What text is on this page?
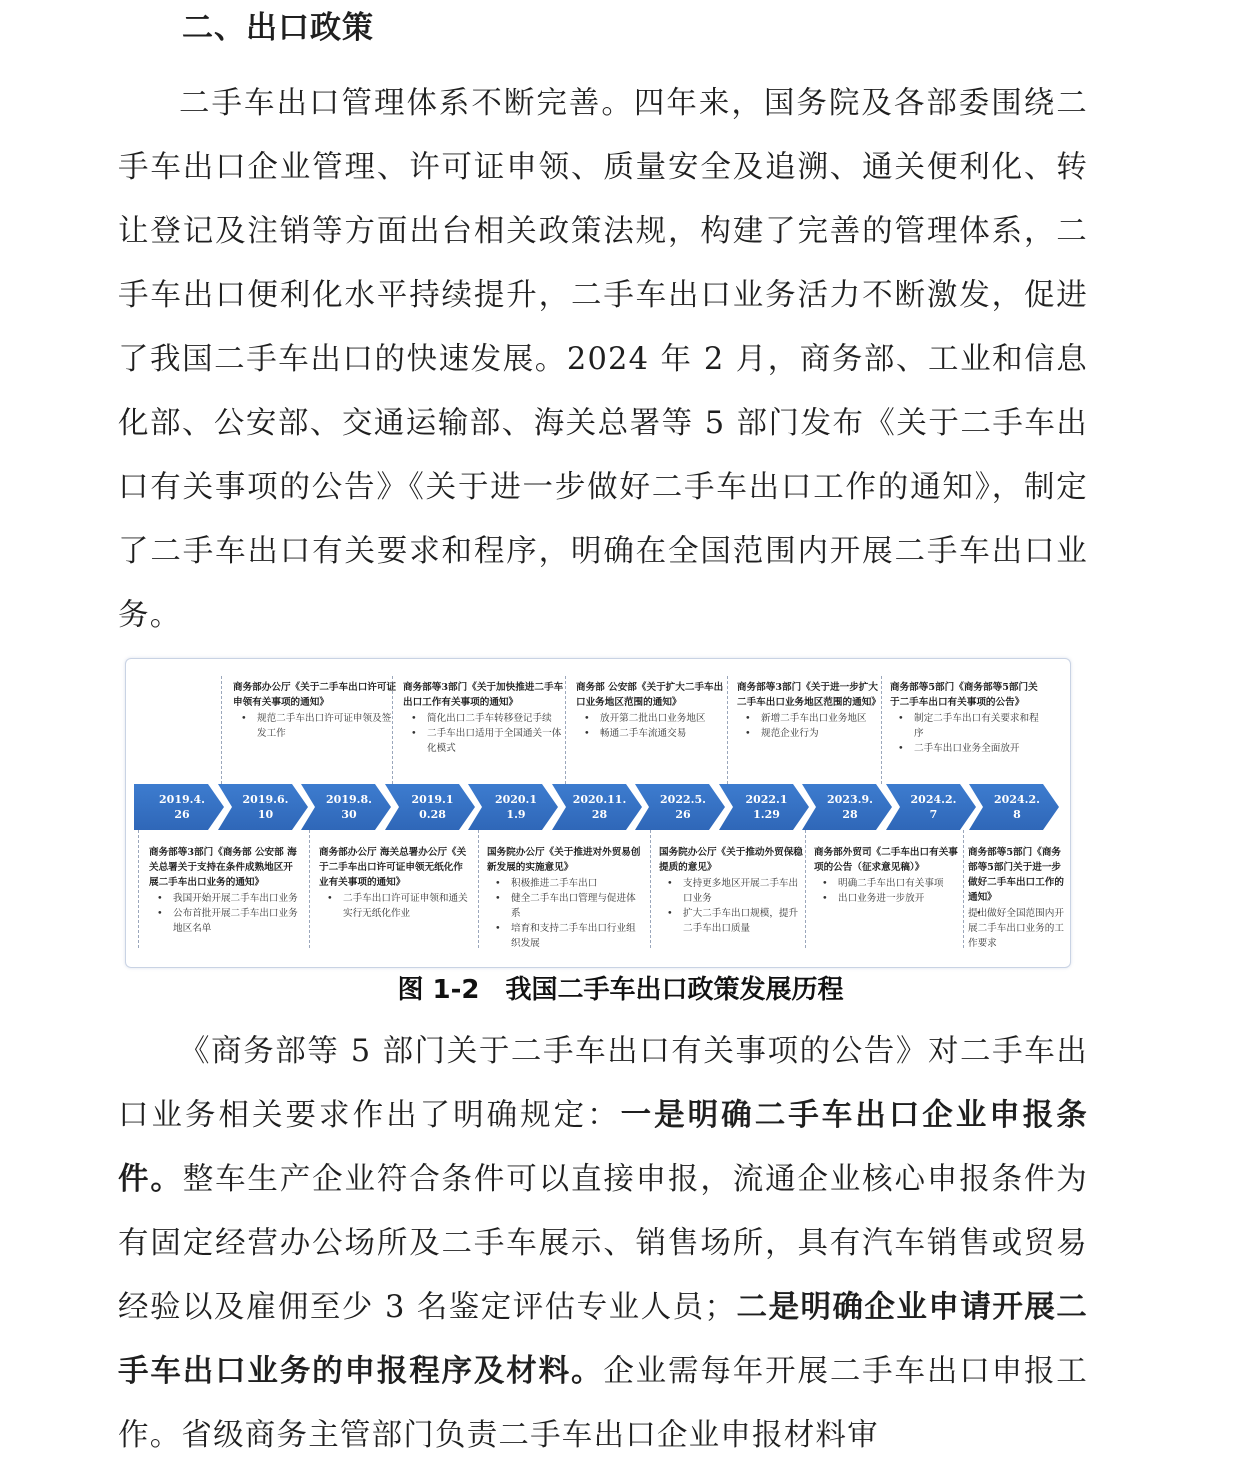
二、出口政策

二手车出口管理体系不断完善。四年来，国务院及各部委围绕二手车出口企业管理、许可证申领、质量安全及追溯、通关便利化、转让登记及注销等方面出台相关政策法规，构建了完善的管理体系，二手车出口便利化水平持续提升，二手车出口业务活力不断激发，促进了我国二手车出口的快速发展。2024 年 2 月，商务部、工业和信息化部、公安部、交通运输部、海关总署等 5 部门发布《关于二手车出口有关事项的公告》《关于进一步做好二手车出口工作的通知》，制定了二手车出口有关要求和程序，明确在全国范围内开展二手车出口业务。

商务部办公厅《关于二手车出口许可证申领有关事项的通知》
• 规范二手车出口许可证申领及签发工作
商务部等3部门《关于加快推进二手车出口工作有关事项的通知》
• 简化出口二手车转移登记手续
• 二手车出口适用于全国通关一体化模式
商务部 公安部《关于扩大二手车出口业务地区范围的通知》
• 放开第二批出口业务地区
• 畅通二手车流通交易
商务部等3部门《关于进一步扩大二手车出口业务地区范围的通知》
• 新增二手车出口业务地区
• 规范企业行为
商务部等5部门《商务部等5部门关于二手车出口有关事项的公告》
• 制定二手车出口有关要求和程序
• 二手车出口业务全面放开
2019.4.
26
2019.6.
10
2019.8.
30
2019.1
0.28
2020.1
1.9
2020.11.
28
2022.5.
26
2022.1
1.29
2023.9.
28
2024.2.
7
2024.2.
8
商务部等3部门《商务部 公安部 海关总署关于支持在条件成熟地区开展二手车出口业务的通知》
• 我国开始开展二手车出口业务
• 公布首批开展二手车出口业务地区名单
商务部办公厅 海关总署办公厅《关于二手车出口许可证申领无纸化作业有关事项的通知》
• 二手车出口许可证申领和通关实行无纸化作业
国务院办公厅《关于推进对外贸易创新发展的实施意见》
• 积极推进二手车出口
• 健全二手车出口管理与促进体系
• 培育和支持二手车出口行业组织发展
国务院办公厅《关于推动外贸保稳提质的意见》
• 支持更多地区开展二手车出口业务
• 扩大二手车出口规模，提升二手车出口质量
商务部外贸司《二手车出口有关事项的公告（征求意见稿）》
• 明确二手车出口有关事项
• 出口业务进一步放开
商务部等5部门《商务部等5部门关于进一步做好二手车出口工作的通知》
• 提出做好全国范围内开展二手车出口业务的工作要求
图 1-2　我国二手车出口政策发展历程

《商务部等 5 部门关于二手车出口有关事项的公告》对二手车出口业务相关要求作出了明确规定：一是明确二手车出口企业申报条件。整车生产企业符合条件可以直接申报，流通企业核心申报条件为有固定经营办公场所及二手车展示、销售场所，具有汽车销售或贸易经验以及雇佣至少 3 名鉴定评估专业人员；二是明确企业申请开展二手车出口业务的申报程序及材料。企业需每年开展二手车出口申报工作。省级商务主管部门负责二手车出口企业申报材料审
